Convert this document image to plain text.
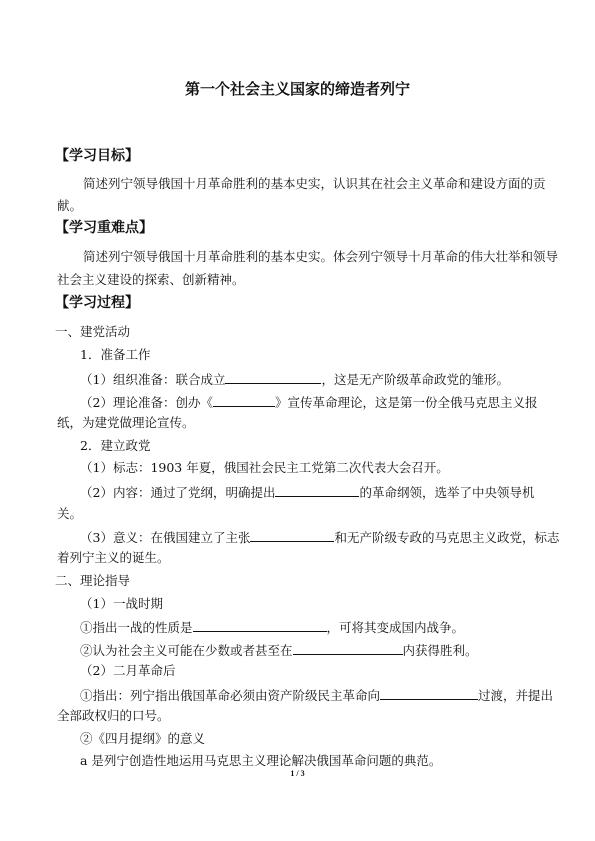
第一个社会主义国家的缔造者列宁
【学习目标】
简述列宁领导俄国十月革命胜利的基本史实，认识其在社会主义革命和建设方面的贡
献。
【学习重难点】
简述列宁领导俄国十月革命胜利的基本史实。体会列宁领导十月革命的伟大壮举和领导
社会主义建设的探索、创新精神。
【学习过程】
一、建党活动
1．准备工作
（1）组织准备：联合成立	，这是无产阶级革命政党的雏形。
（2）理论准备：创办《	》宣传革命理论，这是第一份全俄马克思主义报
纸，为建党做理论宣传。
2．建立政党
（1）标志：1903 年夏，俄国社会民主工党第二次代表大会召开。
（2）内容：通过了党纲，明确提出	的革命纲领，选举了中央领导机
关。
（3）意义：在俄国建立了主张	和无产阶级专政的马克思主义政党，标志
着列宁主义的诞生。
二、理论指导
（1）一战时期
①指出一战的性质是	，可将其变成国内战争。
②认为社会主义可能在少数或者甚至在	内获得胜利。
（2）二月革命后
①指出：列宁指出俄国革命必须由资产阶级民主革命向	过渡，并提出
全部政权归的口号。
②《四月提纲》的意义
a 是列宁创造性地运用马克思主义理论解决俄国革命问题的典范。
1 / 3
